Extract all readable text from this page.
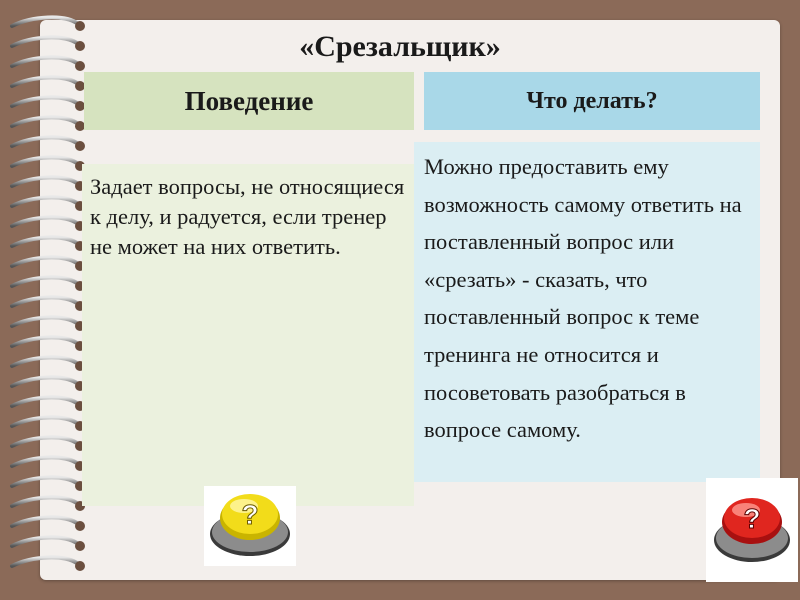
«Срезальщик»
Поведение	Что делать?
Задает вопросы, не относящиеся к делу, и радуется, если тренер не может на них ответить.
Можно предоставить ему возможность самому ответить на поставленный вопрос или «срезать» - сказать, что поставленный вопрос к теме тренинга не относится и посоветовать разобраться в вопросе самому.
?	?
